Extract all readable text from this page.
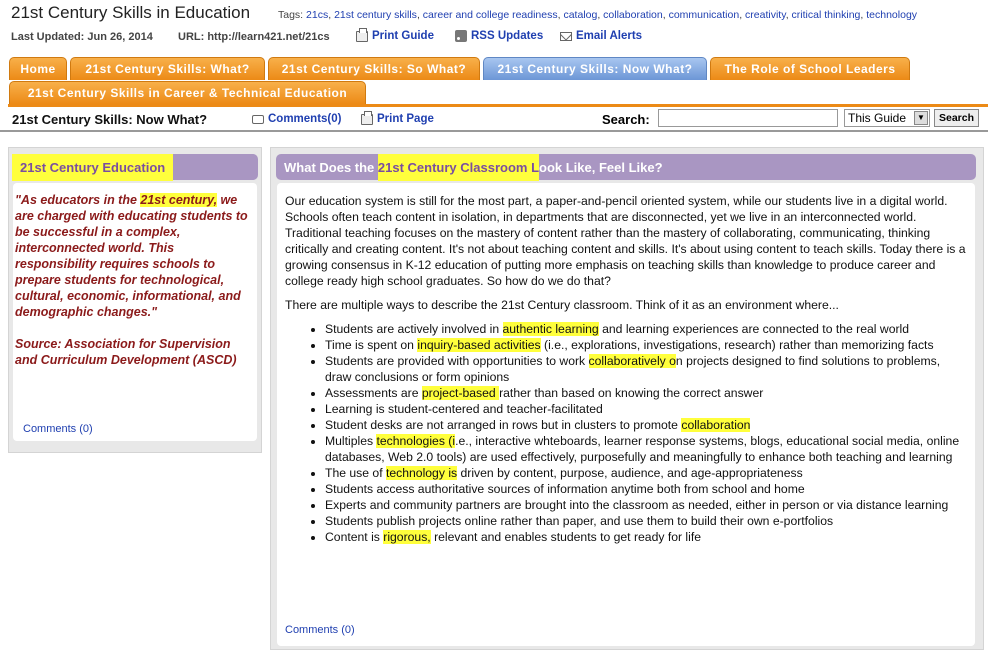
21st Century Skills in Education	Tags: 21cs, 21st century skills, career and college readiness, catalog, collaboration, communication, creativity, critical thinking, technology
Last Updated: Jun 26, 2014 URL: http://learn421.net/21cs	Print Guide	RSS Updates	Email Alerts
Home	21st Century Skills: What?	21st Century Skills: So What?	21st Century Skills: Now What?	The Role of School Leaders
21st Century Skills in Career & Technical Education
21st Century Skills: Now What?	Comments(0)	Print Page	Search:	This Guide	▼	Search
21st Century Education
"As educators in the 21st century, we are charged with educating students to be successful in a complex, interconnected world. This responsibility requires schools to prepare students for technological, cultural, economic, informational, and demographic changes."

Source: Association for Supervision and Curriculum Development (ASCD)
Comments (0)
What Does the 21st Century Classroom Look Like, Feel Like?

Our education system is still for the most part, a paper-and-pencil oriented system, while our students live in a digital world. Schools often teach content in isolation, in departments that are disconnected, yet we live in an interconnected world. Traditional teaching focuses on the mastery of content rather than the mastery of collaborating, communicating, thinking critically and creating content. It's not about teaching content and skills. It's about using content to teach skills. Today there is a growing consensus in K-12 education of putting more emphasis on teaching skills than knowledge to produce career and college ready high school graduates. So how do we do that?

There are multiple ways to describe the 21st Century classroom. Think of it as an environment where...

• Students are actively involved in authentic learning and learning experiences are connected to the real world
• Time is spent on inquiry-based activities (i.e., explorations, investigations, research) rather than memorizing facts
• Students are provided with opportunities to work collaboratively on projects designed to find solutions to problems, draw conclusions or form opinions
• Assessments are project-based rather than based on knowing the correct answer
• Learning is student-centered and teacher-facilitated
• Student desks are not arranged in rows but in clusters to promote collaboration
• Multiples technologies (i.e., interactive whteboards, learner response systems, blogs, educational social media, online databases, Web 2.0 tools) are used effectively, purposefully and meaningfully to enhance both teaching and learning
• The use of technology is driven by content, purpose, audience, and age-appropriateness
• Students access authoritative sources of information anytime both from school and home
• Experts and community partners are brought into the classroom as needed, either in person or via distance learning
• Students publish projects online rather than paper, and use them to build their own e-portfolios
• Content is rigorous, relevant and enables students to get ready for life
Comments (0)
